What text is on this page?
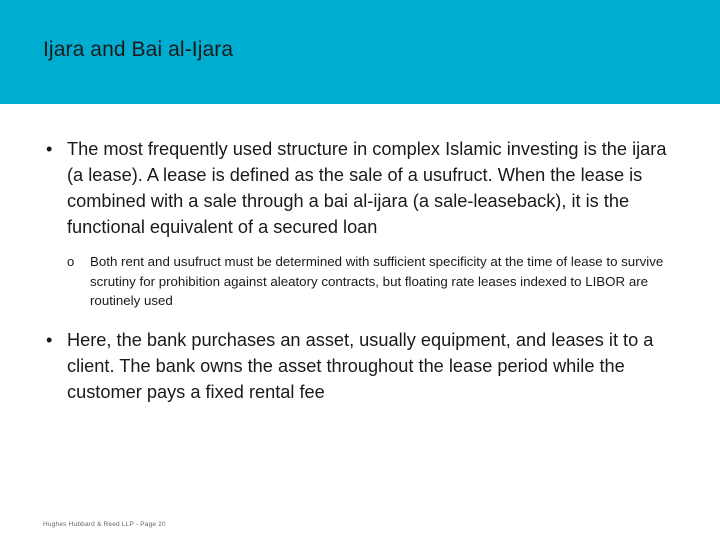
Ijara and Bai al-Ijara
• The most frequently used structure in complex Islamic investing is the ijara (a lease). A lease is defined as the sale of a usufruct. When the lease is combined with a sale through a bai al-ijara (a sale-leaseback), it is the functional equivalent of a secured loan
o Both rent and usufruct must be determined with sufficient specificity at the time of lease to survive scrutiny for prohibition against aleatory contracts, but floating rate leases indexed to LIBOR are routinely used
• Here, the bank purchases an asset, usually equipment, and leases it to a client. The bank owns the asset throughout the lease period while the customer pays a fixed rental fee
Hughes Hubbard & Reed LLP - Page 20
